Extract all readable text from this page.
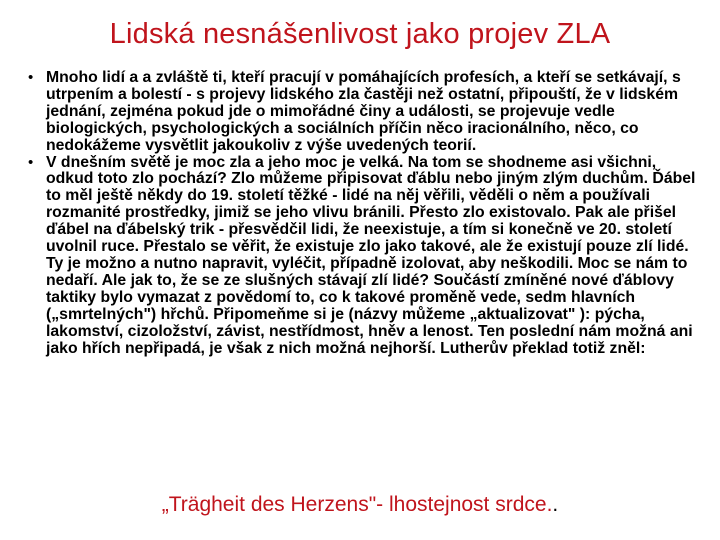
Lidská nesnášenlivost jako projev ZLA
• Mnoho lidí a a zvláště ti, kteří pracují v pomáhajících profesích, a kteří se setkávají, s utrpením a bolestí - s projevy lidského zla častěji než ostatní, připouští, že v lidském jednání, zejména pokud jde o mimořádné činy a události, se projevuje vedle biologických, psychologických a sociálních příčin něco iracionálního, něco, co nedokážeme vysvětlit jakoukoliv z výše uvedených teorií.
• V dnešním světě je moc zla a jeho moc je velká. Na tom se shodneme asi všichni, odkud toto zlo pochází? Zlo můžeme připisovat ďáblu nebo jiným zlým duchům. Ďábel to měl ještě někdy do 19. století těžké - lidé na něj věřili, věděli o něm a používali rozmanité prostředky, jimiž se jeho vlivu bránili. Přesto zlo existovalo. Pak ale přišel ďábel na ďábelský trik - přesvědčil lidi, že neexistuje, a tím si konečně ve 20. století uvolnil ruce. Přestalo se věřit, že existuje zlo jako takové, ale že existují pouze zlí lidé. Ty je možno a nutno napravit, vyléčit, případně izolovat, aby neškodili. Moc se nám to nedaří. Ale jak to, že se ze slušných stávají zlí lidé? Součástí zmíněné nové ďáblovy taktiky bylo vymazat z povědomí to, co k takové proměně vede, sedm hlavních („smrtelných") hřchů. Připomeňme si je (názvy můžeme „aktualizovat" ): pýcha, lakomství, cizoložství, závist, nestřídmost, hněv a lenost. Ten poslední nám možná ani jako hřích nepřipadá, je však z nich možná nejhorší. Lutherův překlad totiž zněl:
„Trägheit des Herzens"- lhostejnost srdce..
